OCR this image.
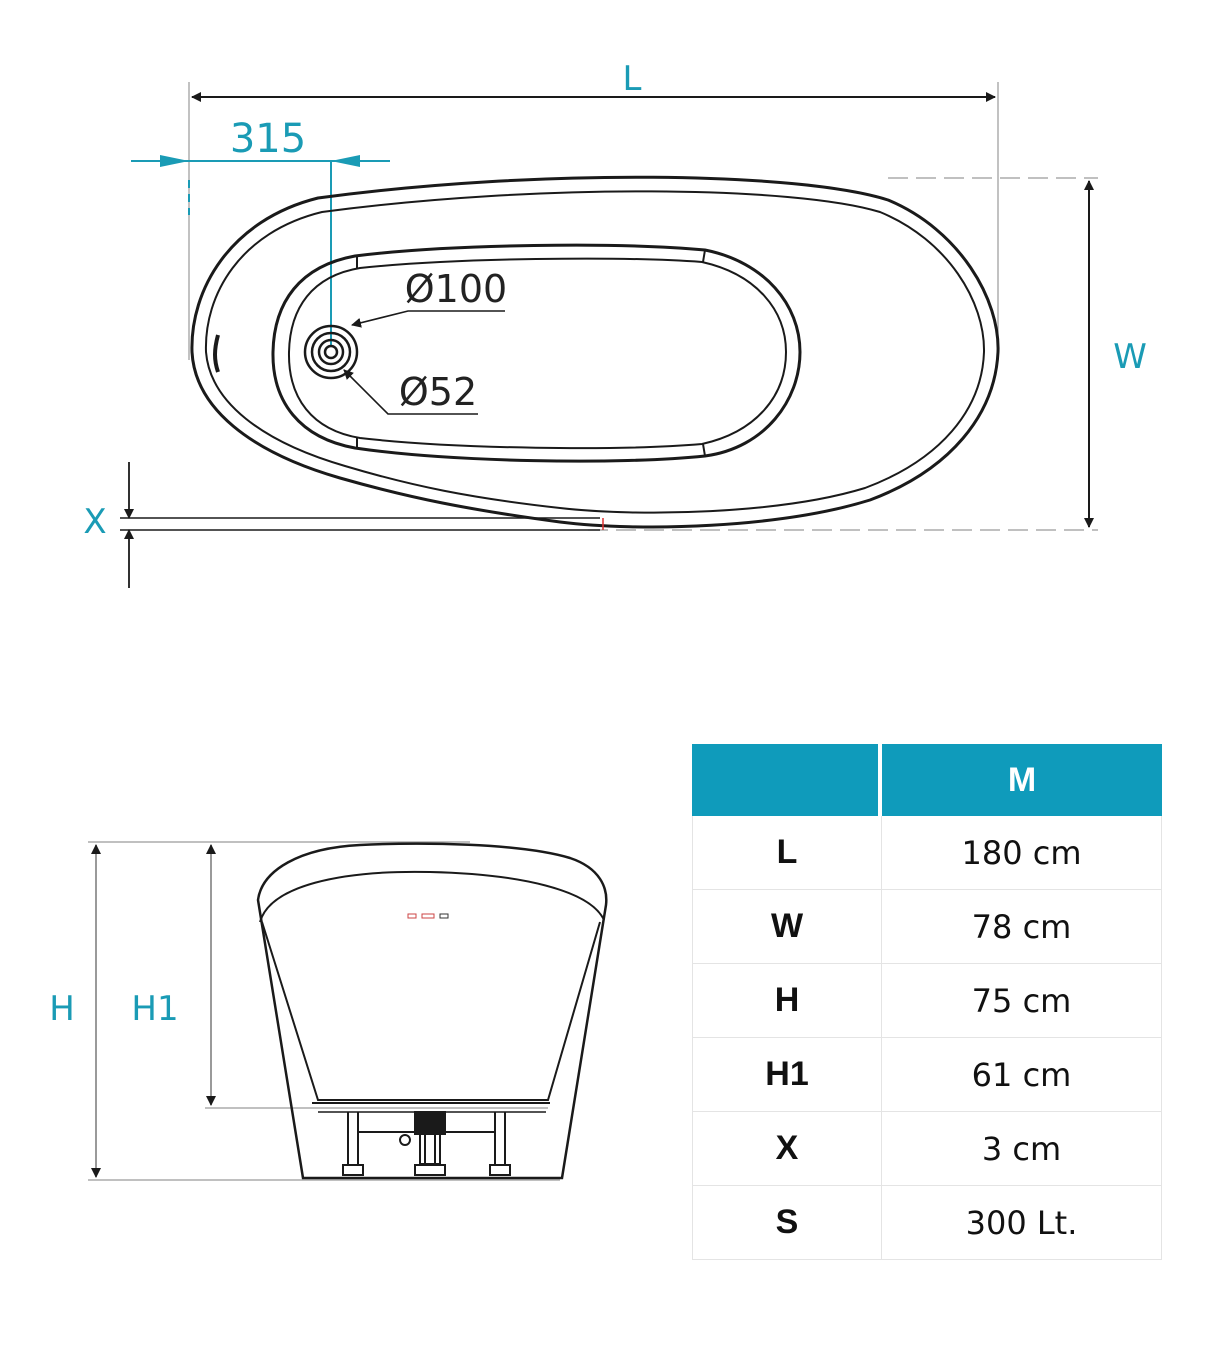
L
315
Ø100
Ø52
W
X
H H1
	M
L	180 cm
W	78 cm
H	75 cm
H1	61 cm
X	3 cm
S	300 Lt.
